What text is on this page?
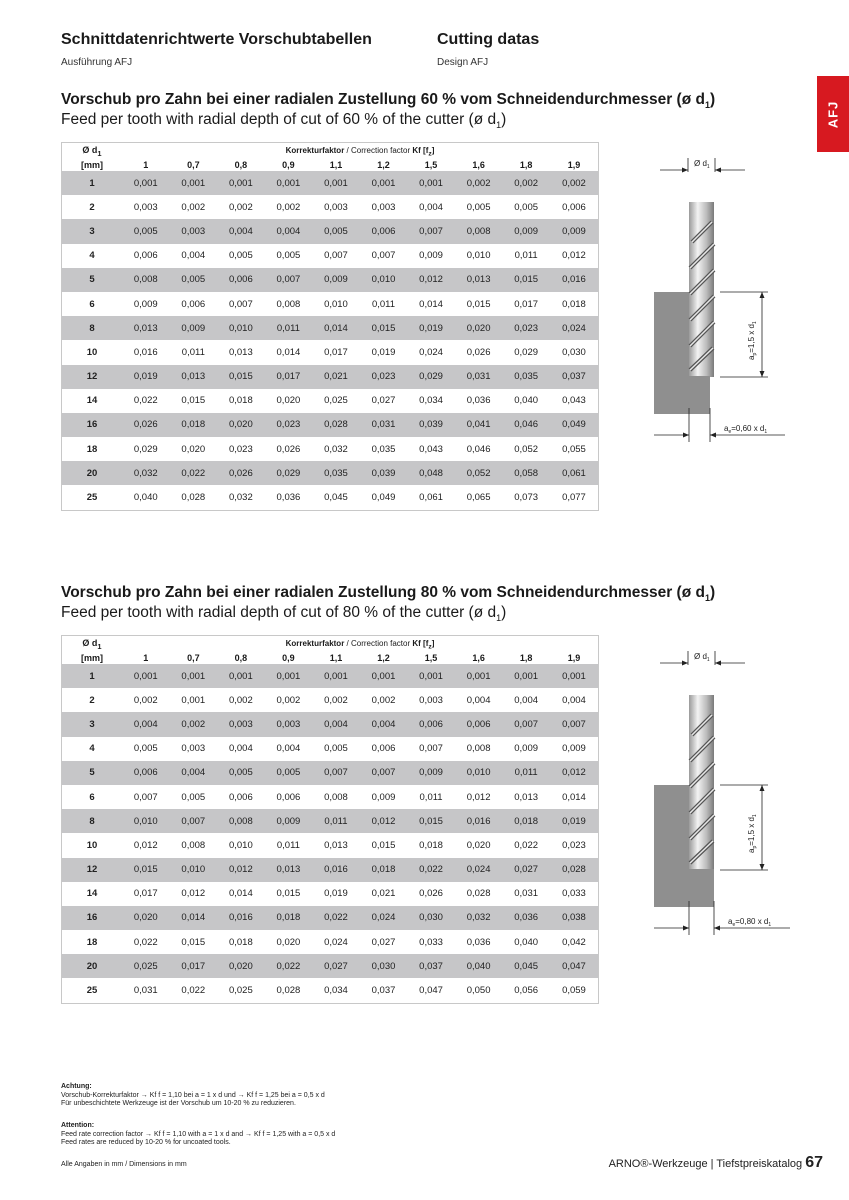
Schnittdatenrichtwerte Vorschubtabellen
Ausführung AFJ
Cutting datas
Design AFJ
AFJ
Vorschub pro Zahn bei einer radialen Zustellung 60 % vom Schneidendurchmesser (ø $d_1$)
Feed per tooth with radial depth of cut of 60 % of the cutter (ø $d_1$)
Ø $d_1$	Korrekturfaktor / Correction factor Kf $[f_z]$									
[mm]	1	0,7	0,8	0,9	1,1	1,2	1,5	1,6	1,8	1,9
1	0,001	0,001	0,001	0,001	0,001	0,001	0,001	0,002	0,002	0,002
2	0,003	0,002	0,002	0,002	0,003	0,003	0,004	0,005	0,005	0,006
3	0,005	0,003	0,004	0,004	0,005	0,006	0,007	0,008	0,009	0,009
4	0,006	0,004	0,005	0,005	0,007	0,007	0,009	0,010	0,011	0,012
5	0,008	0,005	0,006	0,007	0,009	0,010	0,012	0,013	0,015	0,016
6	0,009	0,006	0,007	0,008	0,010	0,011	0,014	0,015	0,017	0,018
8	0,013	0,009	0,010	0,011	0,014	0,015	0,019	0,020	0,023	0,024
10	0,016	0,011	0,013	0,014	0,017	0,019	0,024	0,026	0,029	0,030
12	0,019	0,013	0,015	0,017	0,021	0,023	0,029	0,031	0,035	0,037
14	0,022	0,015	0,018	0,020	0,025	0,027	0,034	0,036	0,040	0,043
16	0,026	0,018	0,020	0,023	0,028	0,031	0,039	0,041	0,046	0,049
18	0,029	0,020	0,023	0,026	0,032	0,035	0,043	0,046	0,052	0,055
20	0,032	0,022	0,026	0,029	0,035	0,039	0,048	0,052	0,058	0,061
25	0,040	0,028	0,032	0,036	0,045	0,049	0,061	0,065	0,073	0,077
Ø $d_1$
$a_p=1,5$ x $d_1$
$a_e=0,60$ x $d_1$
Vorschub pro Zahn bei einer radialen Zustellung 80 % vom Schneidendurchmesser (ø $d_1$)
Feed per tooth with radial depth of cut of 80 % of the cutter (ø $d_1$)
Ø $d_1$	Korrekturfaktor / Correction factor Kf $[f_z]$									
[mm]	1	0,7	0,8	0,9	1,1	1,2	1,5	1,6	1,8	1,9
1	0,001	0,001	0,001	0,001	0,001	0,001	0,001	0,001	0,001	0,001
2	0,002	0,001	0,002	0,002	0,002	0,002	0,003	0,004	0,004	0,004
3	0,004	0,002	0,003	0,003	0,004	0,004	0,006	0,006	0,007	0,007
4	0,005	0,003	0,004	0,004	0,005	0,006	0,007	0,008	0,009	0,009
5	0,006	0,004	0,005	0,005	0,007	0,007	0,009	0,010	0,011	0,012
6	0,007	0,005	0,006	0,006	0,008	0,009	0,011	0,012	0,013	0,014
8	0,010	0,007	0,008	0,009	0,011	0,012	0,015	0,016	0,018	0,019
10	0,012	0,008	0,010	0,011	0,013	0,015	0,018	0,020	0,022	0,023
12	0,015	0,010	0,012	0,013	0,016	0,018	0,022	0,024	0,027	0,028
14	0,017	0,012	0,014	0,015	0,019	0,021	0,026	0,028	0,031	0,033
16	0,020	0,014	0,016	0,018	0,022	0,024	0,030	0,032	0,036	0,038
18	0,022	0,015	0,018	0,020	0,024	0,027	0,033	0,036	0,040	0,042
20	0,025	0,017	0,020	0,022	0,027	0,030	0,037	0,040	0,045	0,047
25	0,031	0,022	0,025	0,028	0,034	0,037	0,047	0,050	0,056	0,059
Ø $d_1$
$a_p=1,5$ x $d_1$
$a_e=0,80$ x $d_1$
Achtung:
Vorschub-Korrekturfaktor → Kf f = 1,10 bei a = 1 x d und → Kf f = 1,25 bei a = 0,5 x d
Für unbeschichtete Werkzeuge ist der Vorschub um 10-20 % zu reduzieren.
Attention:
Feed rate correction factor → Kf f = 1,10 with a = 1 x d and → Kf f = 1,25 with a = 0,5 x d
Feed rates are reduced by 10-20 % for uncoated tools.
Alle Angaben in mm / Dimensions in mm	ARNO®-Werkzeuge | Tiefstpreiskatalog 67
